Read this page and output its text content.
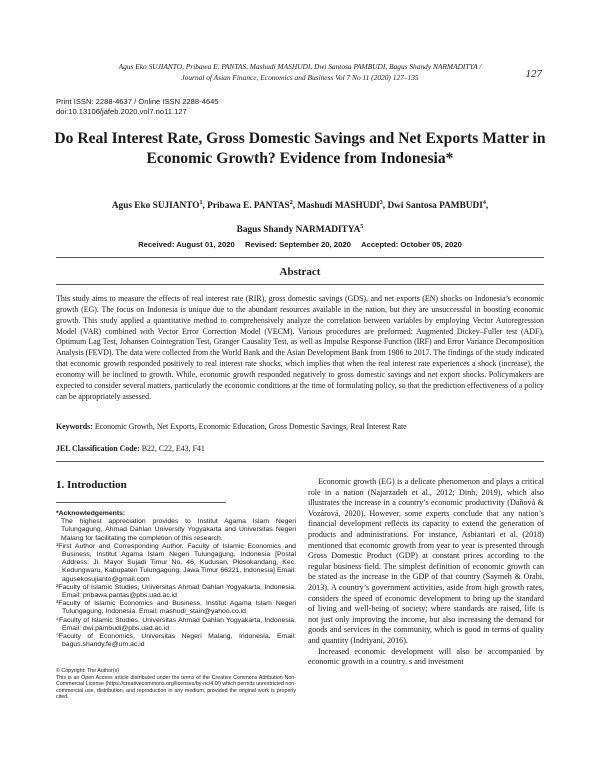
Agus Eko SUJIANTO, Pribawa E. PANTAS, Mashudi MASHUDI, Dwi Santosa PAMBUDI, Bagus Shandy NARMADITYA /
Journal of Asian Finance, Economics and Business Vol 7 No 11 (2020) 127–135	127
Print ISSN: 2288-4637 / Online ISSN 2288-4645
doi:10.13106/jafeb.2020.vol7.no11.127
Do Real Interest Rate, Gross Domestic Savings and Net Exports Matter in
Economic Growth? Evidence from Indonesia*
Agus Eko SUJIANTO$^1$, Pribawa E. PANTAS$^2$, Mashudi MASHUDI$^3$, Dwi Santosa PAMBUDI$^4$,
Bagus Shandy NARMADITYA$^5$
Received: August 01, 2020 Revised: September 20, 2020 Accepted: October 05, 2020
Abstract
This study aims to measure the effects of real interest rate (RIR), gross domestic savings (GDS), and net exports (EN) shocks on Indonesia’s economic growth (EG). The focus on Indonesia is unique due to the abundant resources available in the nation, but they are unsuccessful in boosting economic growth. This study applied a quantitative method to comprehensively analyze the correlation between variables by employing Vector Autoregression Model (VAR) combined with Vector Error Correction Model (VECM). Various procedures are preformed: Augmented Dickey–Fuller test (ADF), Optimum Lag Test, Johansen Cointegration Test, Granger Causality Test, as well as Impulse Response Function (IRF) and Error Variance Decomposition Analysis (FEVD). The data were collected from the World Bank and the Asian Development Bank from 1986 to 2017. The findings of the study indicated that economic growth responded positively to real interest rate shocks, which implies that when the real interest rate experiences a shock (increase), the economy will be inclined to growth. While, economic growth responded negatively to gross domestic savings and net export shocks. Policymakers are expected to consider several matters, particularly the economic conditions at the time of formulating policy, so that the prediction effectiveness of a policy can be appropriately assessed.
Keywords: Economic Growth, Net Exports, Economic Education, Gross Domestic Savings, Real Interest Rate
JEL Classification Code: B22, C22, E43, F41
1. Introduction
*Acknowledgements:
The highest appreciation provides to Institut Agama Islam Negeri Tulungagung, Ahmad Dahlan University Yogyakarta and Universitas Negeri Malang for facilitating the completion of this research.
¹First Author and Corresponding Author. Faculty of Islamic Economics and Business, Institut Agama Islam Negeri Tulungagung, Indonesia [Postal Address: Jl. Mayor Sujadi Timur No. 46, Kudusan, Plosokandang, Kec. Kedungwaru, Kabupaten Tulungagung, Jawa Timur 66221, Indonesia] Email: agusekosujianto@gmail.com
²Faculty of Islamic Studies, Universitas Ahmad Dahlan Yogyakarta, Indonesia. Email: pribawa.pantas@pbs.uad.ac.id
³Faculty of Islamic Economics and Business, Institut Agama Islam Negeri Tulungagung, Indonesia. Email: mashudi_stain@yahoo.co.id
⁴Faculty of Islamic Studies, Universitas Ahmad Dahlan Yogyakarta, Indonesia. Email: dwi.pambudi@pbs.uad.ac.id
⁵Faculty of Economics, Universitas Negeri Malang, Indonesia. Email: bagus.shandy.fe@um.ac.id
© Copyright: The Author(s)
This is an Open Access article distributed under the terms of the Creative Commons Attribution Non-Commercial License (https://creativecommons.org/licenses/by-nc/4.0/) which permits unrestricted non-commercial use, distribution, and reproduction in any medium, provided the original work is properly cited.

Economic growth (EG) is a delicate phenomenon and plays a critical role in a nation (Najarzadeh et al., 2012; Dinh, 2019), which also illustrates the increase in a country’s economic productivity (Daňová & Vozárová, 2020). However, some experts conclude that any nation’s financial development reflects its capacity to extend the generation of products and administrations. For instance, Asbiantari et al. (2018) mentioned that economic growth from year to year is presented through Gross Domestic Product (GDP) at constant prices according to the regular business field. The simplest definition of economic growth can be stated as the increase in the GDP of that country (Saymeh & Orabi, 2013). A country’s government activities, aside from high growth rates, considers the speed of economic development to bring up the standard of living and well-being of society; where standards are raised, life is not just only improving the income, but also increasing the demand for goods and services in the community, which is good in terms of quality and quantity (Indriyani, 2016).

Increased economic development will also be accompanied by economic growth in a country. s and investment
